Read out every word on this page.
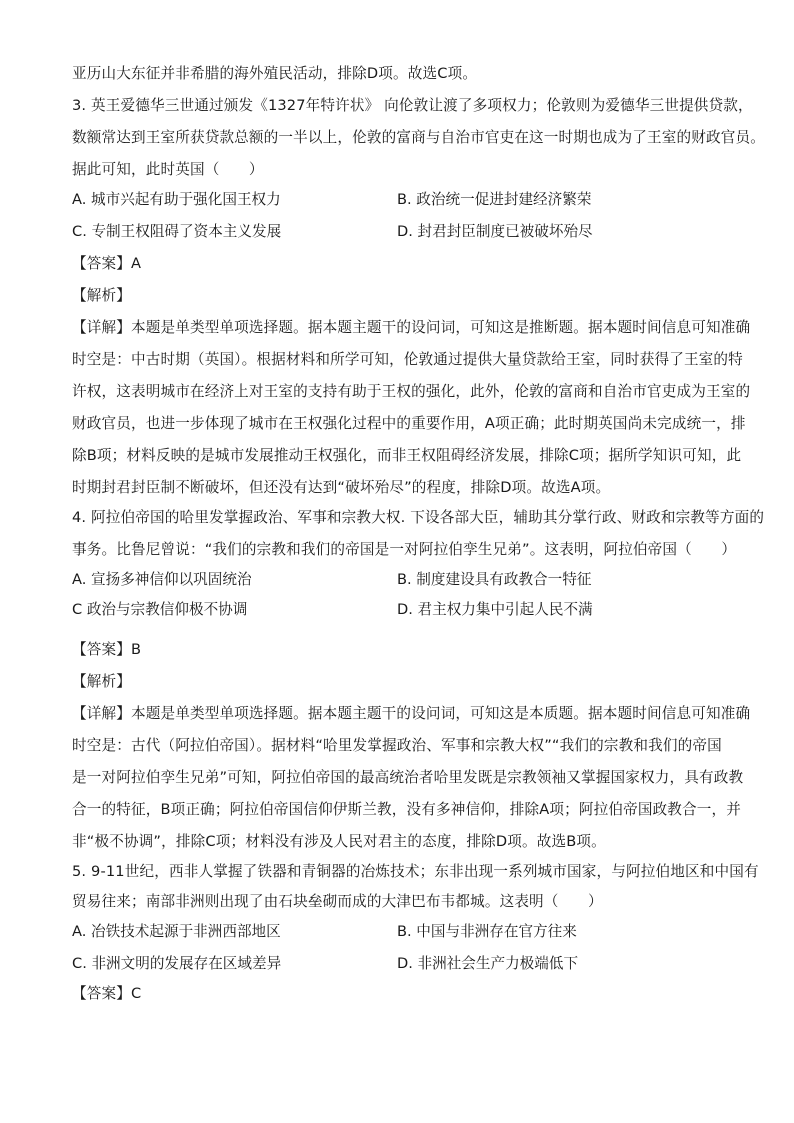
亚历山大东征并非希腊的海外殖民活动，排除D项。故选C项。
3. 英王爱德华三世通过颁发《1327年特许状》 向伦敦让渡了多项权力；伦敦则为爱德华三世提供贷款，
数额常达到王室所获贷款总额的一半以上，伦敦的富商与自治市官吏在这一时期也成为了王室的财政官员。
据此可知，此时英国（　　）
A. 城市兴起有助于强化国王权力	B. 政治统一促进封建经济繁荣
C. 专制王权阻碍了资本主义发展	D. 封君封臣制度已被破坏殆尽
【答案】A
【解析】
【详解】本题是单类型单项选择题。据本题主题干的设问词，可知这是推断题。据本题时间信息可知准确
时空是：中古时期（英国）。根据材料和所学可知，伦敦通过提供大量贷款给王室，同时获得了王室的特
许权，这表明城市在经济上对王室的支持有助于王权的强化，此外，伦敦的富商和自治市官吏成为王室的
财政官员，也进一步体现了城市在王权强化过程中的重要作用，A项正确；此时期英国尚未完成统一，排
除B项；材料反映的是城市发展推动王权强化，而非王权阻碍经济发展，排除C项；据所学知识可知，此
时期封君封臣制不断破坏，但还没有达到“破坏殆尽”的程度，排除D项。故选A项。
4. 阿拉伯帝国的哈里发掌握政治、军事和宗教大权. 下设各部大臣，辅助其分掌行政、财政和宗教等方面的
事务。比鲁尼曾说：“我们的宗教和我们的帝国是一对阿拉伯孪生兄弟”。这表明，阿拉伯帝国（　　）
A. 宣扬多神信仰以巩固统治	B. 制度建设具有政教合一特征
C 政治与宗教信仰极不协调	D. 君主权力集中引起人民不满
【答案】B
【解析】
【详解】本题是单类型单项选择题。据本题主题干的设问词，可知这是本质题。据本题时间信息可知准确
时空是：古代（阿拉伯帝国）。据材料“哈里发掌握政治、军事和宗教大权”“我们的宗教和我们的帝国
是一对阿拉伯孪生兄弟”可知，阿拉伯帝国的最高统治者哈里发既是宗教领袖又掌握国家权力，具有政教
合一的特征，B项正确；阿拉伯帝国信仰伊斯兰教，没有多神信仰，排除A项；阿拉伯帝国政教合一，并
非“极不协调”，排除C项；材料没有涉及人民对君主的态度，排除D项。故选B项。
5. 9-11世纪，西非人掌握了铁器和青铜器的冶炼技术；东非出现一系列城市国家，与阿拉伯地区和中国有
贸易往来；南部非洲则出现了由石块垒砌而成的大津巴布韦都城。这表明（　　）
A. 冶铁技术起源于非洲西部地区	B. 中国与非洲存在官方往来
C. 非洲文明的发展存在区域差异	D. 非洲社会生产力极端低下
【答案】C
